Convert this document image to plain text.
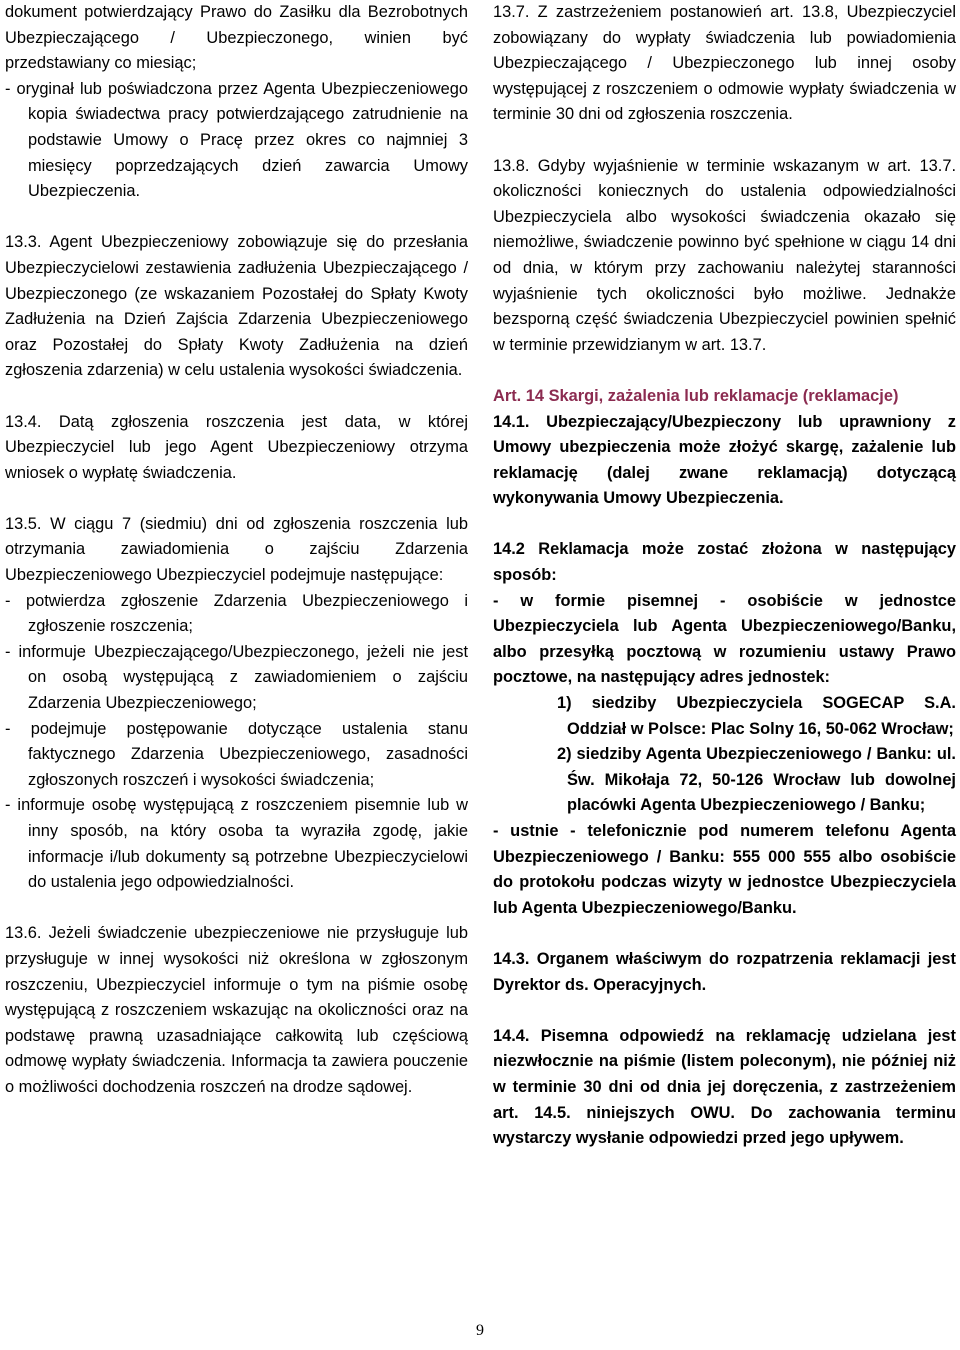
dokument potwierdzający Prawo do Zasiłku dla Bezrobotnych Ubezpieczającego / Ubezpieczonego, winien być przedstawiany co miesiąc;

- oryginał lub poświadczona przez Agenta Ubezpieczeniowego kopia świadectwa pracy potwierdzającego zatrudnienie na podstawie Umowy o Pracę przez okres co najmniej 3 miesięcy poprzedzających dzień zawarcia Umowy Ubezpieczenia.

13.3. Agent Ubezpieczeniowy zobowiązuje się do przesłania Ubezpieczycielowi zestawienia zadłużenia Ubezpieczającego / Ubezpieczonego (ze wskazaniem Pozostałej do Spłaty Kwoty Zadłużenia na Dzień Zajścia Zdarzenia Ubezpieczeniowego oraz Pozostałej do Spłaty Kwoty Zadłużenia na dzień zgłoszenia zdarzenia) w celu ustalenia wysokości świadczenia.

13.4. Datą zgłoszenia roszczenia jest data, w której Ubezpieczyciel lub jego Agent Ubezpieczeniowy otrzyma wniosek o wypłatę świadczenia.

13.5. W ciągu 7 (siedmiu) dni od zgłoszenia roszczenia lub otrzymania zawiadomienia o zajściu Zdarzenia Ubezpieczeniowego Ubezpieczyciel podejmuje następujące:

- potwierdza zgłoszenie Zdarzenia Ubezpieczeniowego i zgłoszenie roszczenia;

- informuje Ubezpieczającego/Ubezpieczonego, jeżeli nie jest on osobą występującą z zawiadomieniem o zajściu Zdarzenia Ubezpieczeniowego;

- podejmuje postępowanie dotyczące ustalenia stanu faktycznego Zdarzenia Ubezpieczeniowego, zasadności zgłoszonych roszczeń i wysokości świadczenia;

- informuje osobę występującą z roszczeniem pisemnie lub w inny sposób, na który osoba ta wyraziła zgodę, jakie informacje i/lub dokumenty są potrzebne Ubezpieczycielowi do ustalenia jego odpowiedzialności.

13.6. Jeżeli świadczenie ubezpieczeniowe nie przysługuje lub przysługuje w innej wysokości niż określona w zgłoszonym roszczeniu, Ubezpieczyciel informuje o tym na piśmie osobę występującą z roszczeniem wskazując na okoliczności oraz na podstawę prawną uzasadniające całkowitą lub częściową odmowę wypłaty świadczenia. Informacja ta zawiera pouczenie o możliwości dochodzenia roszczeń na drodze sądowej.

13.7. Z zastrzeżeniem postanowień art. 13.8, Ubezpieczyciel zobowiązany do wypłaty świadczenia lub powiadomienia Ubezpieczającego / Ubezpieczonego lub innej osoby występującej z roszczeniem o odmowie wypłaty świadczenia w terminie 30 dni od zgłoszenia roszczenia.

13.8. Gdyby wyjaśnienie w terminie wskazanym w art. 13.7. okoliczności koniecznych do ustalenia odpowiedzialności Ubezpieczyciela albo wysokości świadczenia okazało się niemożliwe, świadczenie powinno być spełnione w ciągu 14 dni od dnia, w którym przy zachowaniu należytej staranności wyjaśnienie tych okoliczności było możliwe. Jednakże bezsporną część świadczenia Ubezpieczyciel powinien spełnić w terminie przewidzianym w art. 13.7.

Art. 14 Skargi, zażalenia lub reklamacje (reklamacje)

14.1. Ubezpieczający/Ubezpieczony lub uprawniony z Umowy ubezpieczenia może złożyć skargę, zażalenie lub reklamację (dalej zwane reklamacją) dotyczącą wykonywania Umowy Ubezpieczenia.

14.2 Reklamacja może zostać złożona w następujący sposób:

- w formie pisemnej - osobiście w jednostce Ubezpieczyciela lub Agenta Ubezpieczeniowego/Banku, albo przesyłką pocztową w rozumieniu ustawy Prawo pocztowe, na następujący adres jednostek:

1) siedziby Ubezpieczyciela SOGECAP S.A. Oddział w Polsce: Plac Solny 16, 50-062 Wrocław;

2) siedziby Agenta Ubezpieczeniowego / Banku: ul. Św. Mikołaja 72, 50-126 Wrocław lub dowolnej placówki Agenta Ubezpieczeniowego / Banku;

- ustnie - telefonicznie pod numerem telefonu Agenta Ubezpieczeniowego / Banku: 555 000 555 albo osobiście do protokołu podczas wizyty w jednostce Ubezpieczyciela lub Agenta Ubezpieczeniowego/Banku.

14.3. Organem właściwym do rozpatrzenia reklamacji jest Dyrektor ds. Operacyjnych.

14.4. Pisemna odpowiedź na reklamację udzielana jest niezwłocznie na piśmie (listem poleconym), nie później niż w terminie 30 dni od dnia jej doręczenia, z zastrzeżeniem art. 14.5. niniejszych OWU. Do zachowania terminu wystarczy wysłanie odpowiedzi przed jego upływem.

9
